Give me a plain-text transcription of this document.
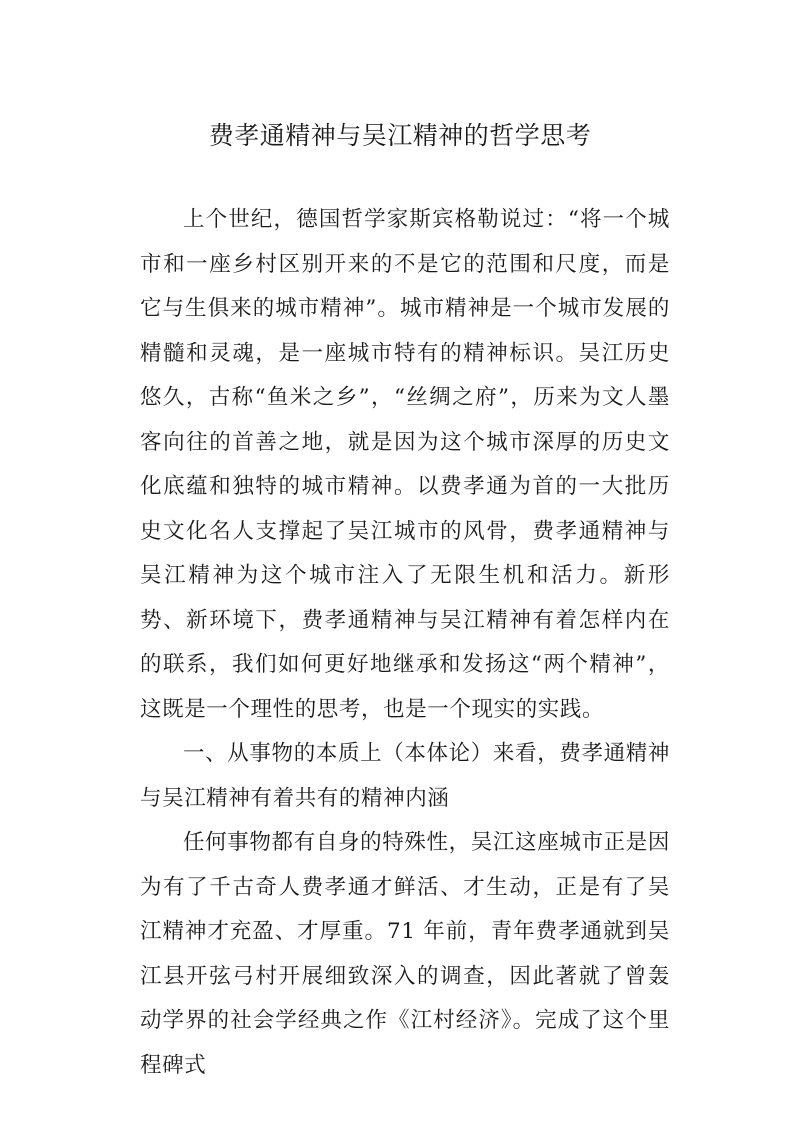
费孝通精神与吴江精神的哲学思考

上个世纪，德国哲学家斯宾格勒说过：“将一个城市和一座乡村区别开来的不是它的范围和尺度，而是它与生俱来的城市精神”。城市精神是一个城市发展的精髓和灵魂，是一座城市特有的精神标识。吴江历史悠久，古称“鱼米之乡”，“丝绸之府”，历来为文人墨客向往的首善之地，就是因为这个城市深厚的历史文化底蕴和独特的城市精神。以费孝通为首的一大批历史文化名人支撑起了吴江城市的风骨，费孝通精神与吴江精神为这个城市注入了无限生机和活力。新形势、新环境下，费孝通精神与吴江精神有着怎样内在的联系，我们如何更好地继承和发扬这“两个精神”，这既是一个理性的思考，也是一个现实的实践。

一、从事物的本质上（本体论）来看，费孝通精神与吴江精神有着共有的精神内涵

任何事物都有自身的特殊性，吴江这座城市正是因为有了千古奇人费孝通才鲜活、才生动，正是有了吴江精神才充盈、才厚重。71 年前，青年费孝通就到吴江县开弦弓村开展细致深入的调查，因此著就了曾轰动学界的社会学经典之作《江村经济》。完成了这个里程碑式
